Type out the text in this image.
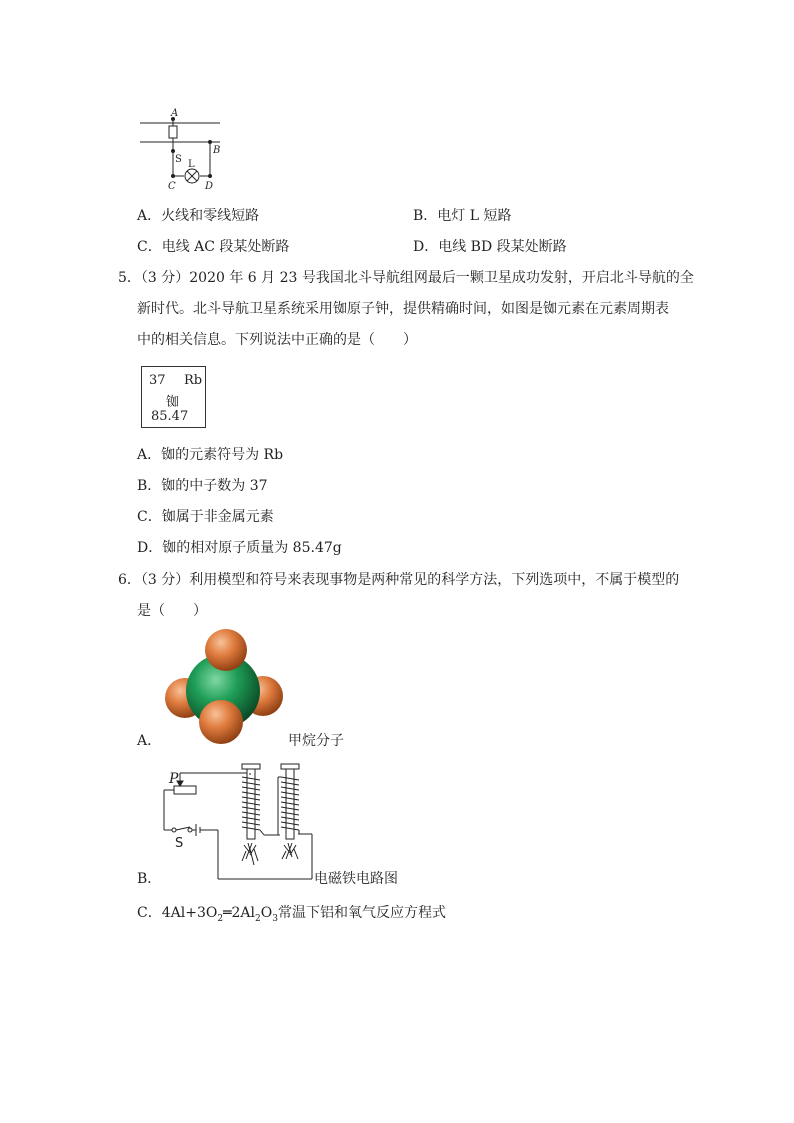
A
B
S L
C	D
A．火线和零线短路	B．电灯 L 短路
C．电线 AC 段某处断路	D．电线 BD 段某处断路
5．（3 分）2020 年 6 月 23 号我国北斗导航组网最后一颗卫星成功发射，开启北斗导航的全
新时代。北斗导航卫星系统采用铷原子钟，提供精确时间，如图是铷元素在元素周期表
中的相关信息。下列说法中正确的是（　　）
37 Rb
铷
85.47
A．铷的元素符号为 Rb
B．铷的中子数为 37
C．铷属于非金属元素
D．铷的相对原子质量为 85.47g
6．（3 分）利用模型和符号来表现事物是两种常见的科学方法，下列选项中，不属于模型的
是（　　）
A．	甲烷分子
P
S
B．	电磁铁电路图
C．$4Al+3O_2═2Al_2O_3$常温下铝和氧气反应方程式
